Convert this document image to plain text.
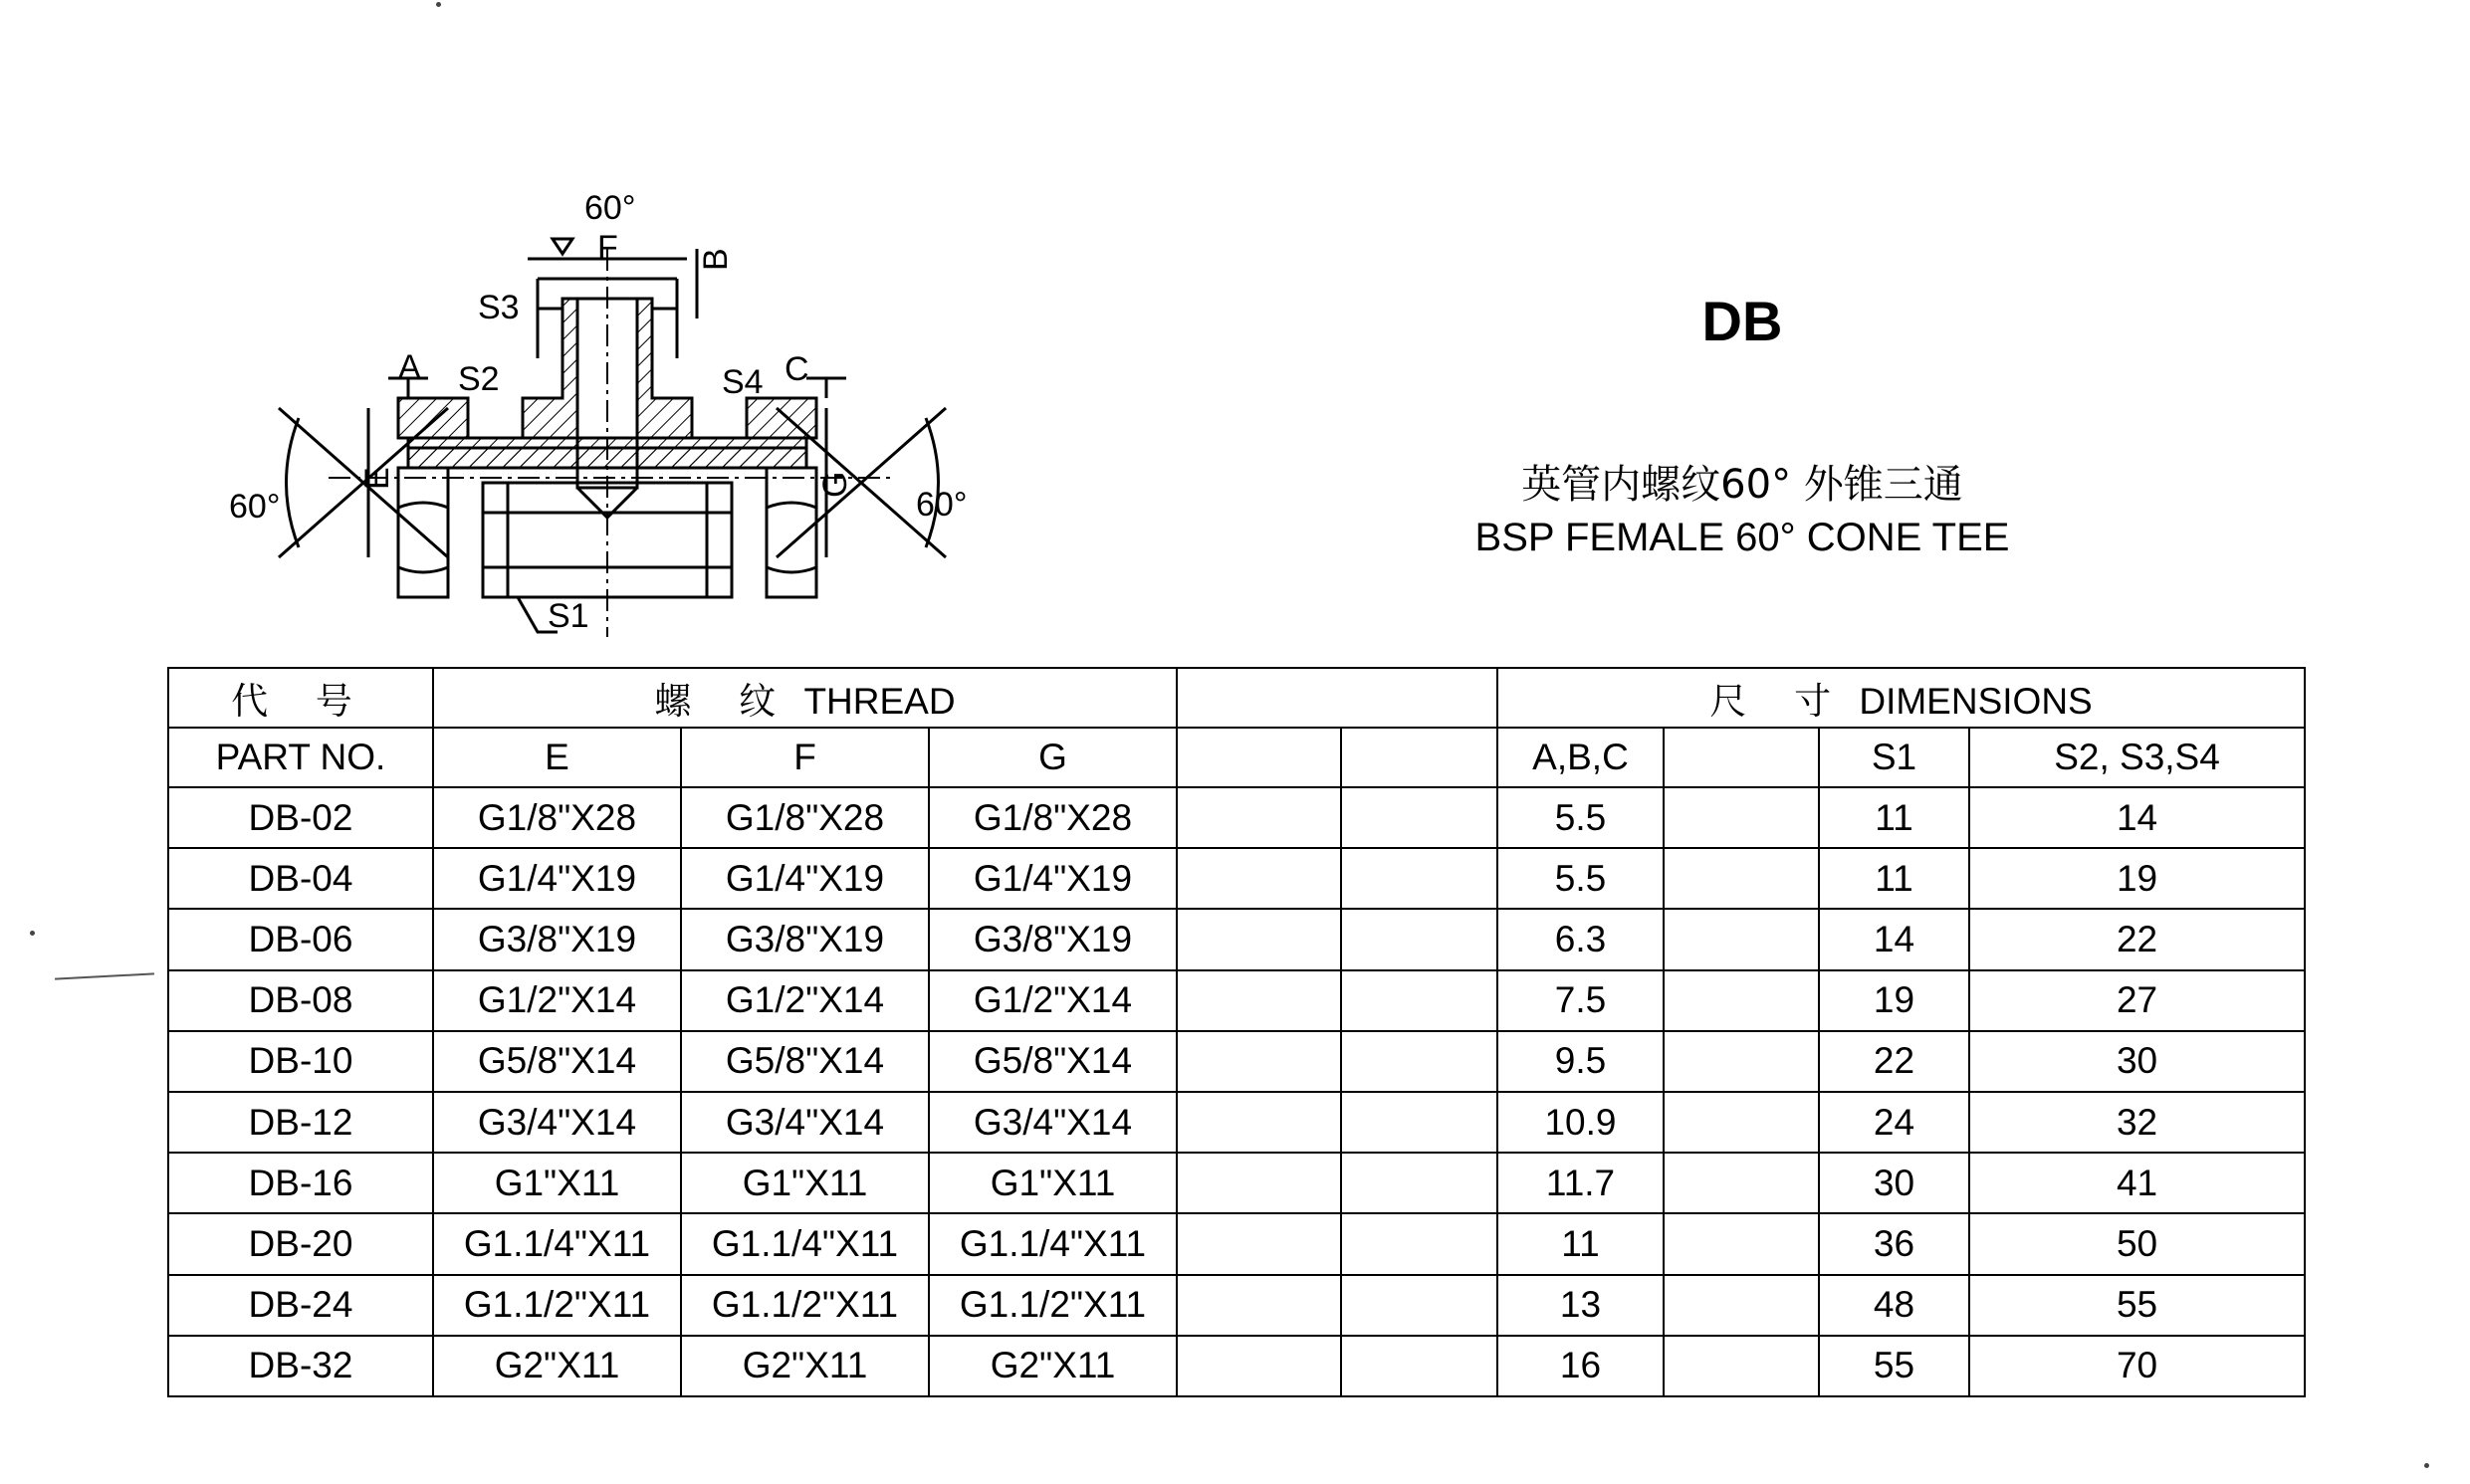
60°
F B
S3
A S2	S4 C
60°
E	G
60°
S1
DB
英管内螺纹60° 外锥三通
BSP FEMALE 60° CONE TEE
代 号	螺 纹 THREAD					尺 寸 DIMENSIONS			
PART NO.	E	F	G			A,B,C		S1	S2, S3,S4
DB-02	G1/8"X28	G1/8"X28	G1/8"X28			5.5		11	14
DB-04	G1/4"X19	G1/4"X19	G1/4"X19			5.5		11	19
DB-06	G3/8"X19	G3/8"X19	G3/8"X19			6.3		14	22
DB-08	G1/2"X14	G1/2"X14	G1/2"X14			7.5		19	27
DB-10	G5/8"X14	G5/8"X14	G5/8"X14			9.5		22	30
DB-12	G3/4"X14	G3/4"X14	G3/4"X14			10.9		24	32
DB-16	G1"X11	G1"X11	G1"X11			11.7		30	41
DB-20	G1.1/4"X11	G1.1/4"X11	G1.1/4"X11			11		36	50
DB-24	G1.1/2"X11	G1.1/2"X11	G1.1/2"X11			13		48	55
DB-32	G2"X11	G2"X11	G2"X11			16		55	70
